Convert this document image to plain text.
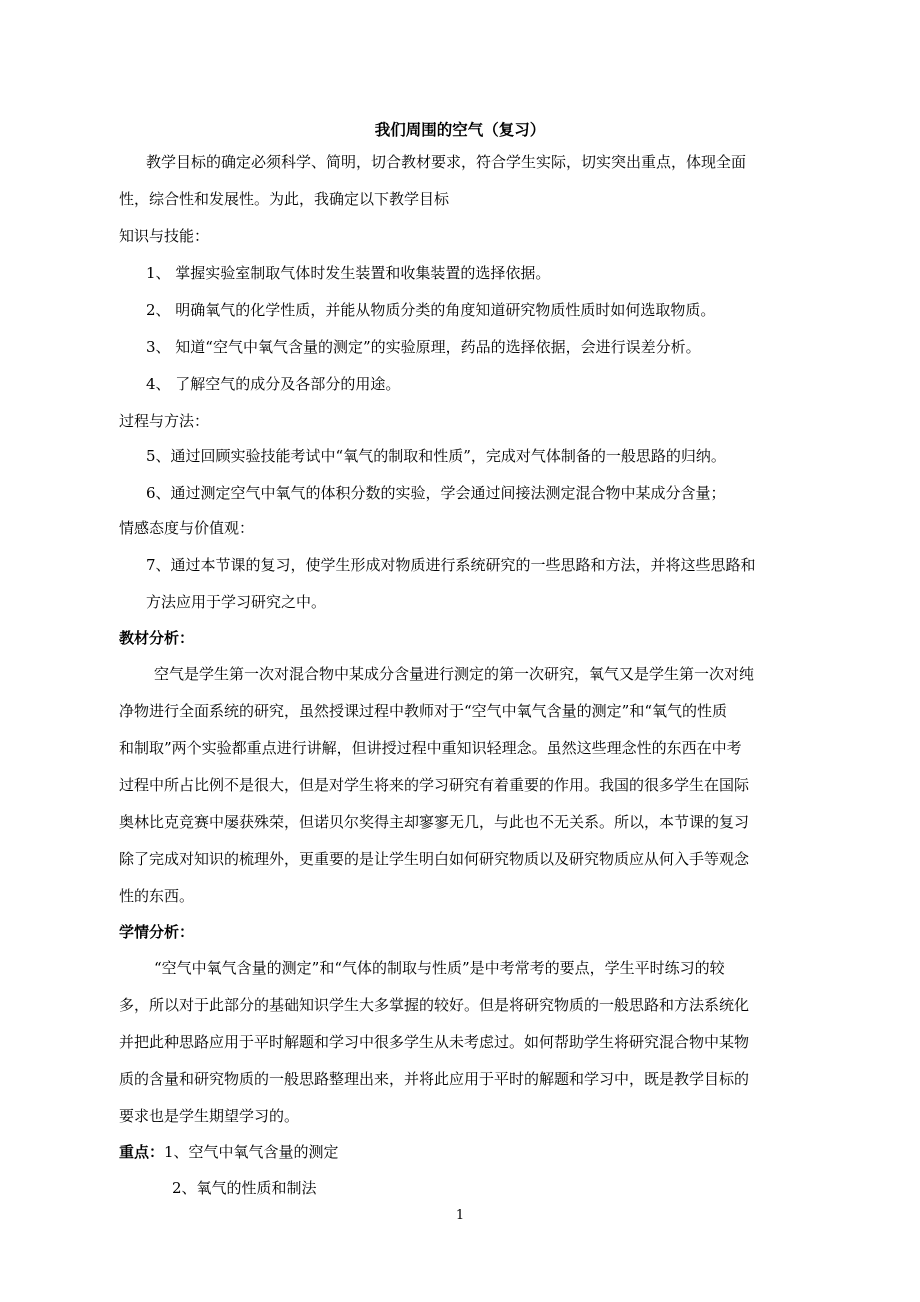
我们周围的空气（复习）
教学目标的确定必须科学、简明，切合教材要求，符合学生实际，切实突出重点，体现全面
性，综合性和发展性。为此，我确定以下教学目标
知识与技能：
1、 掌握实验室制取气体时发生装置和收集装置的选择依据。
2、 明确氧气的化学性质，并能从物质分类的角度知道研究物质性质时如何选取物质。
3、 知道“空气中氧气含量的测定”的实验原理，药品的选择依据，会进行误差分析。
4、 了解空气的成分及各部分的用途。
过程与方法：
5、通过回顾实验技能考试中“氧气的制取和性质”，完成对气体制备的一般思路的归纳。
6、通过测定空气中氧气的体积分数的实验，学会通过间接法测定混合物中某成分含量；
情感态度与价值观：
7、通过本节课的复习，使学生形成对物质进行系统研究的一些思路和方法，并将这些思路和
方法应用于学习研究之中。
教材分析：
空气是学生第一次对混合物中某成分含量进行测定的第一次研究，氧气又是学生第一次对纯
净物进行全面系统的研究，虽然授课过程中教师对于“空气中氧气含量的测定”和“氧气的性质
和制取”两个实验都重点进行讲解，但讲授过程中重知识轻理念。虽然这些理念性的东西在中考
过程中所占比例不是很大，但是对学生将来的学习研究有着重要的作用。我国的很多学生在国际
奥林比克竞赛中屡获殊荣，但诺贝尔奖得主却寥寥无几，与此也不无关系。所以，本节课的复习
除了完成对知识的梳理外，更重要的是让学生明白如何研究物质以及研究物质应从何入手等观念
性的东西。
学情分析：
“空气中氧气含量的测定”和“气体的制取与性质”是中考常考的要点，学生平时练习的较
多，所以对于此部分的基础知识学生大多掌握的较好。但是将研究物质的一般思路和方法系统化
并把此种思路应用于平时解题和学习中很多学生从未考虑过。如何帮助学生将研究混合物中某物
质的含量和研究物质的一般思路整理出来，并将此应用于平时的解题和学习中，既是教学目标的
要求也是学生期望学习的。
重点：1、空气中氧气含量的测定
2、氧气的性质和制法
1
